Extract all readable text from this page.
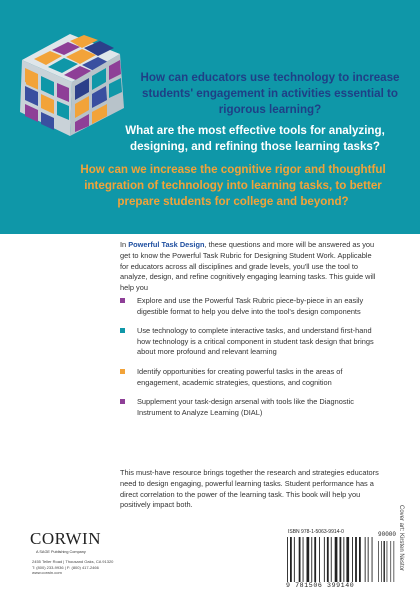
How can educators use technology to increase students' engagement in activities essential to rigorous learning?

What are the most effective tools for analyzing, designing, and refining those learning tasks?

How can we increase the cognitive rigor and thoughtful integration of technology into learning tasks, to better prepare students for college and beyond?

In Powerful Task Design, these questions and more will be answered as you get to know the Powerful Task Rubric for Designing Student Work. Applicable for educators across all disciplines and grade levels, you'll use the tool to analyze, design, and refine cognitively engaging learning tasks. This guide will help you

Explore and use the Powerful Task Rubric piece-by-piece in an easily digestible format to help you delve into the tool's design components
Use technology to complete interactive tasks, and understand first-hand how technology is a critical component in student task design that brings about more profound and relevant learning
Identify opportunities for creating powerful tasks in the areas of engagement, academic strategies, questions, and cognition
Supplement your task-design arsenal with tools like the Diagnostic Instrument to Analyze Learning (DIAL)

This must-have resource brings together the research and strategies educators need to design engaging, powerful learning tasks. Student performance has a direct correlation to the power of the learning task. This book will help you positively impact both.

Cover art: Kirsten Nestor
CORWIN
A SAGE Publishing Company
2455 Teller Road | Thousand Oaks, CA 91320
T: (800) 233-9936 | F: (800) 417-2466
www.corwin.com
ISBN 978-1-5063-9914-0	90000
9 781506 399140
